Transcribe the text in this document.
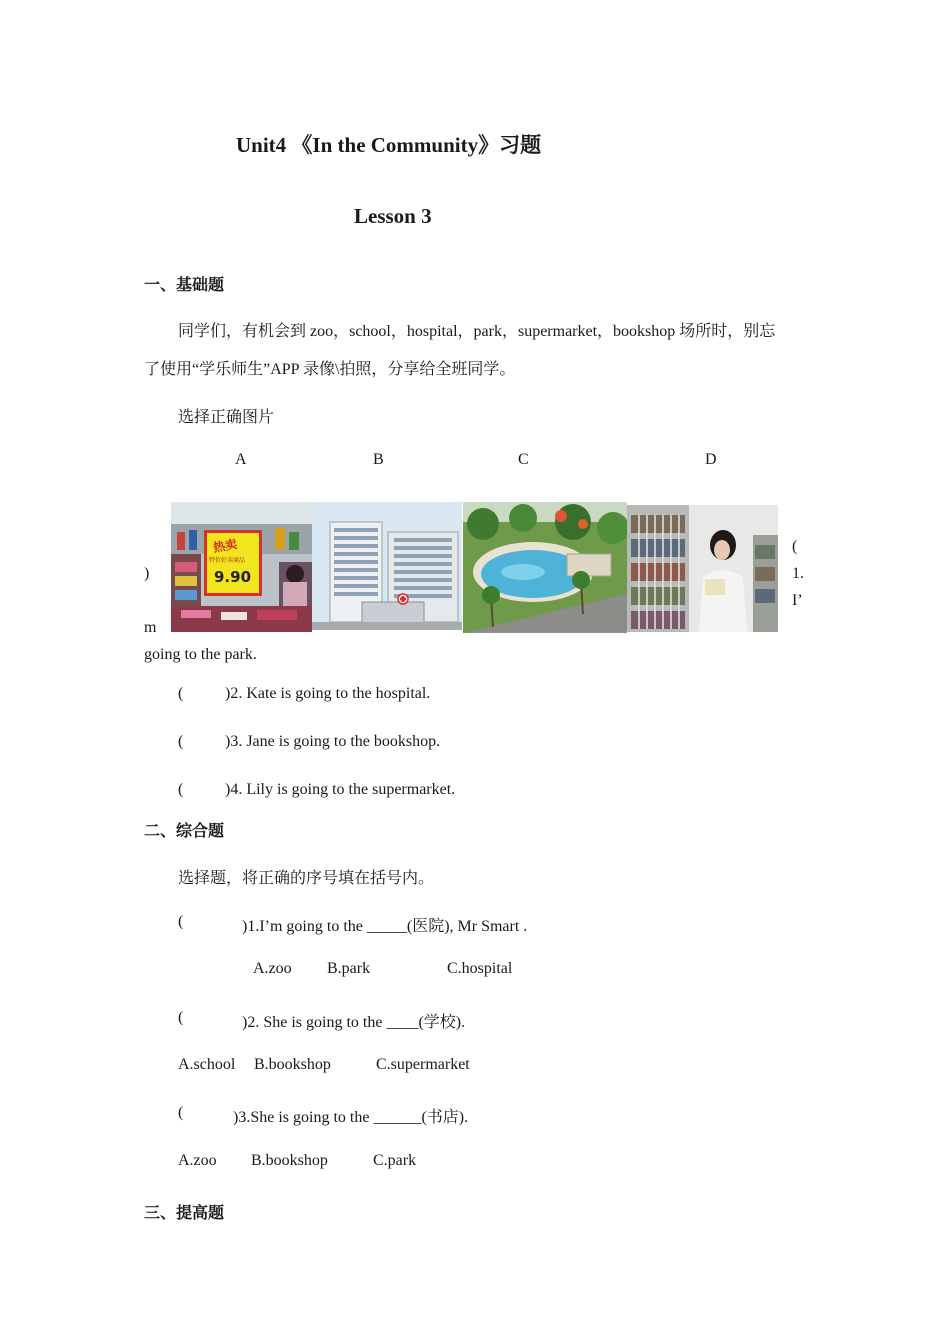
Unit4 《In the Community》习题
Lesson 3
一、基础题
同学们，有机会到 zoo，school，hospital，park，supermarket，bookshop 场所时，别忘
了使用“学乐师生”APP 录像\拍照，分享给全班同学。
选择正确图片
A	B	C	D
热卖
特价好卖商品
9.90
(
)	1.
I’
m
going to the park.
(	)2. Kate is going to the hospital.
(	)3. Jane is going to the bookshop.
(	)4. Lily is going to the supermarket.
二、综合题
选择题，将正确的序号填在括号内。
(	)1.I’m going to the _____(医院), Mr Smart .
A.zoo B.park	C.hospital
(	)2. She is going to the ____(学校).
A.school B.bookshop	C.supermarket
(	)3.She is going to the ______(书店).
A.zoo B.bookshop	C.park
三、提高题
